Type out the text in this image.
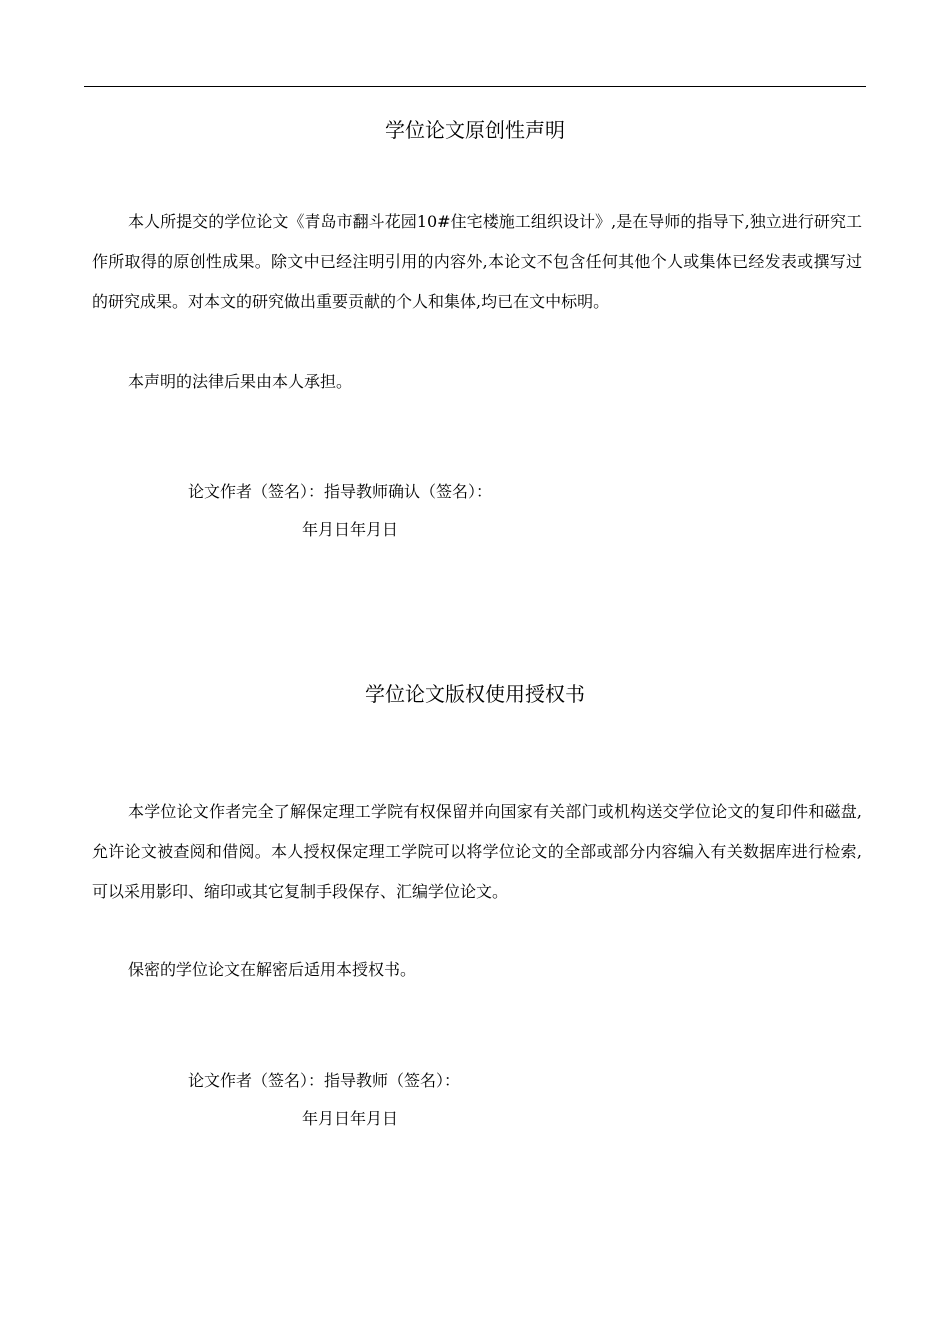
学位论文原创性声明

本人所提交的学位论文《青岛市翻斗花园10#住宅楼施工组织设计》,是在导师的指导下,独立进行研究工作所取得的原创性成果。除文中已经注明引用的内容外,本论文不包含任何其他个人或集体已经发表或撰写过的研究成果。对本文的研究做出重要贡献的个人和集体,均已在文中标明。

本声明的法律后果由本人承担。

论文作者（签名）：指导教师确认（签名）：
年月日年月日
学位论文版权使用授权书

本学位论文作者完全了解保定理工学院有权保留并向国家有关部门或机构送交学位论文的复印件和磁盘,允许论文被查阅和借阅。本人授权保定理工学院可以将学位论文的全部或部分内容编入有关数据库进行检索,可以采用影印、缩印或其它复制手段保存、汇编学位论文。

保密的学位论文在解密后适用本授权书。

论文作者（签名）：指导教师（签名）：
年月日年月日
